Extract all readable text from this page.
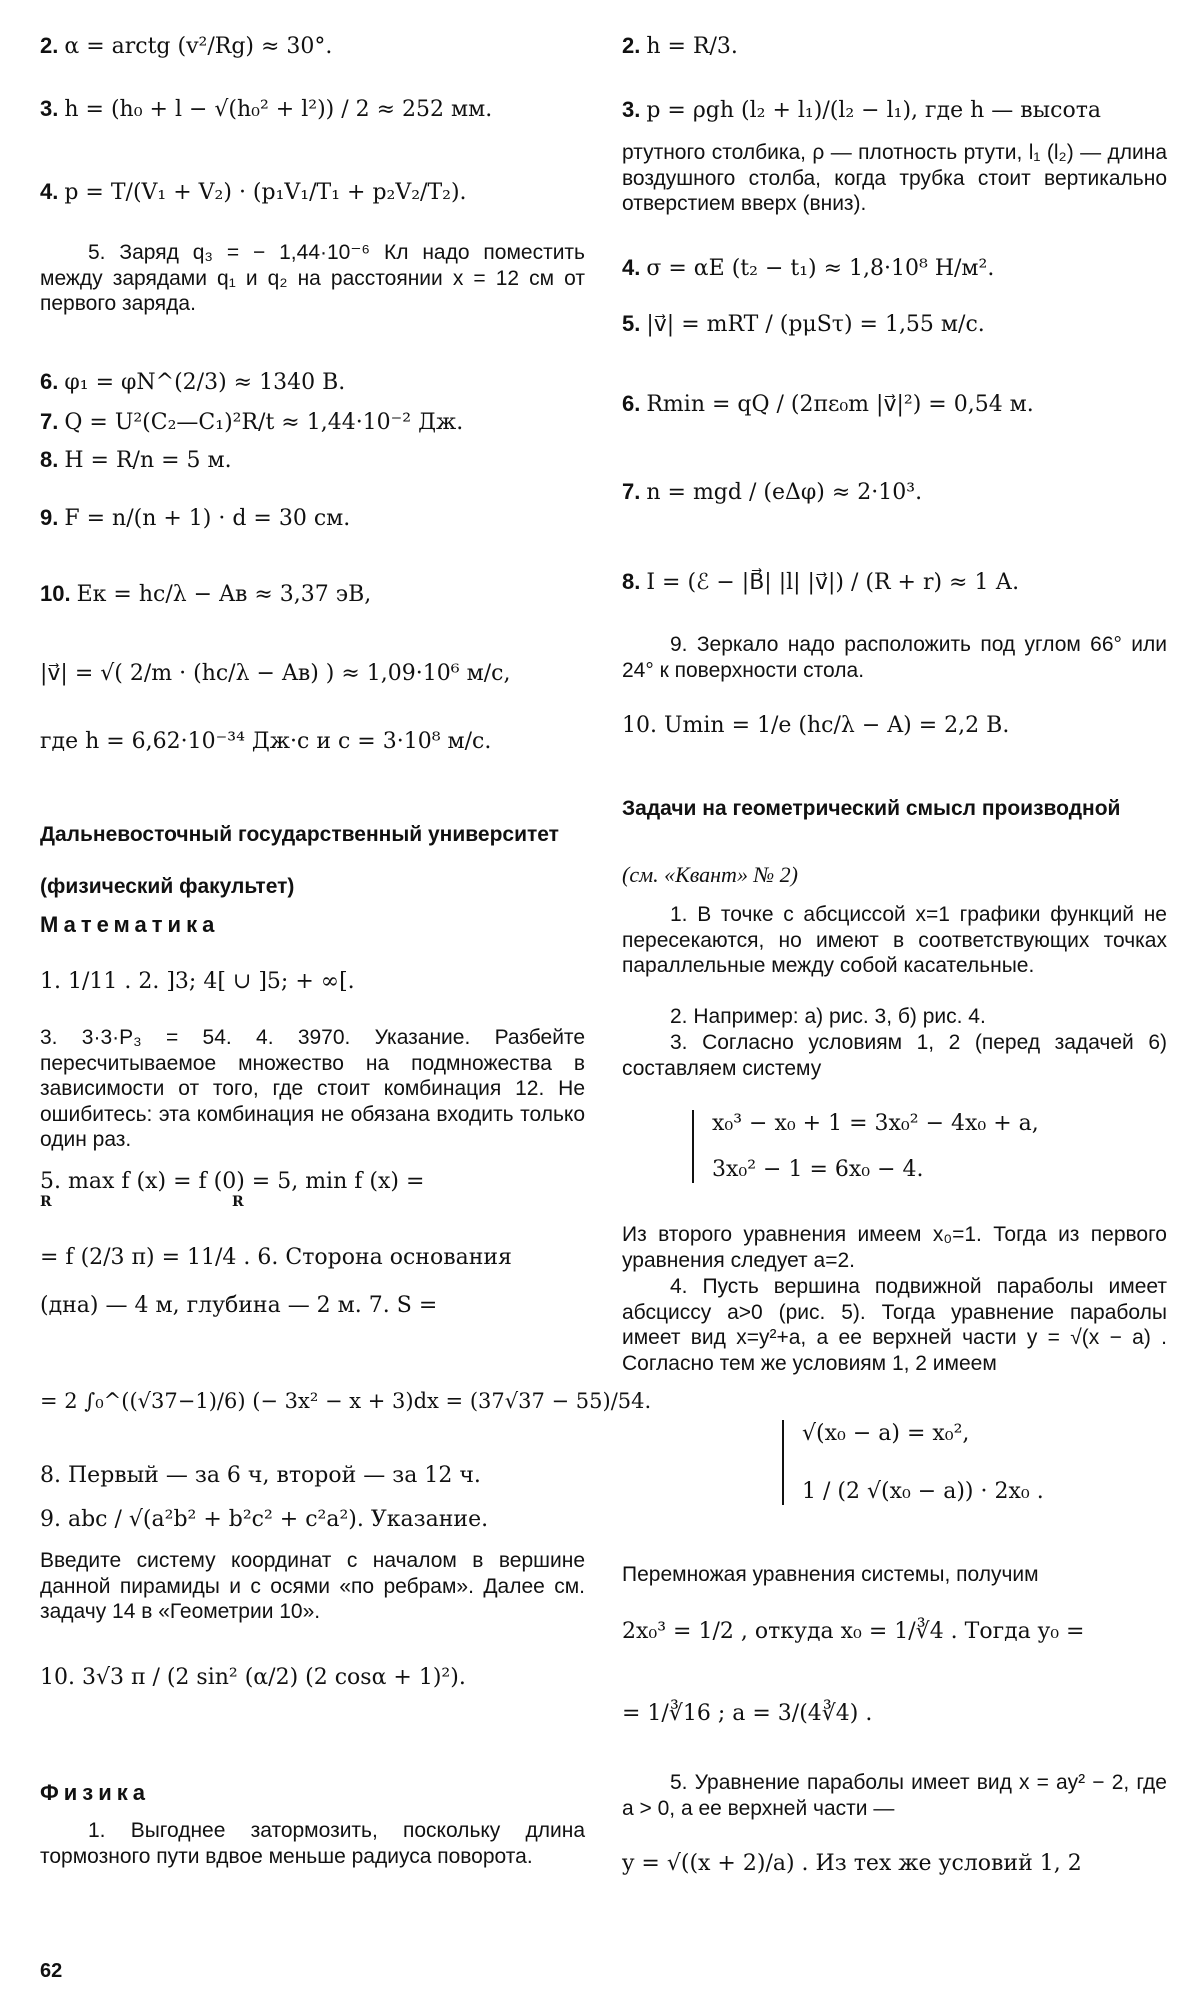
2. α = arctg (v²/Rg) ≈ 30°.
3. h = (h₀ + l − √(h₀² + l²)) / 2 ≈ 252 мм.
4. p = T/(V₁ + V₂) · (p₁V₁/T₁ + p₂V₂/T₂).
5. Заряд q₃ = − 1,44·10⁻⁶ Кл надо поместить между зарядами q₁ и q₂ на расстоянии x = 12 см от первого заряда.
6. φ₁ = φN^(2/3) ≈ 1340 В.
7. Q = U²(C₂—C₁)²R/t ≈ 1,44·10⁻² Дж.
8. H = R/n = 5 м.
9. F = n/(n + 1) · d = 30 см.
10. Eк = hc/λ − Aв ≈ 3,37 эВ,
|v⃗| = √( 2/m · (hc/λ − Aв) ) ≈ 1,09·10⁶ м/с,
где h = 6,62·10⁻³⁴ Дж·с и c = 3·10⁸ м/с.
Дальневосточный государственный университет
(физический факультет)
Математика
1. 1/11 . 2. ]3; 4[ ∪ ]5; + ∞[.
3. 3·3·P₃ = 54. 4. 3970. Указание. Разбейте пересчитываемое множество на подмножества в зависимости от того, где стоит комбинация 12. Не ошибитесь: эта комбинация не обязана входить только один раз.
5. max f (x) = f (0) = 5, min f (x) =
R                                     R
= f (2/3 π) = 11/4 . 6. Сторона основания
(дна) — 4 м, глубина — 2 м. 7. S =
= 2 ∫₀^((√37−1)/6) (− 3x² − x + 3)dx = (37√37 − 55)/54.
8. Первый — за 6 ч, второй — за 12 ч.
9. abc / √(a²b² + b²c² + c²a²). Указание.
Введите систему координат с началом в вершине данной пирамиды и с осями «по ребрам». Далее см. задачу 14 в «Геометрии 10».
10. 3√3 π / (2 sin² (α/2) (2 cosα + 1)²).
Физика
1. Выгоднее затормозить, поскольку длина тормозного пути вдвое меньше радиуса поворота.
2. h = R/3.
3. p = ρgh (l₂ + l₁)/(l₂ − l₁), где h — высота
ртутного столбика, ρ — плотность ртути, l₁ (l₂) — длина воздушного столба, когда трубка стоит вертикально отверстием вверх (вниз).
4. σ = αE (t₂ − t₁) ≈ 1,8·10⁸ Н/м².
5. |v⃗| = mRT / (pμSτ) = 1,55 м/с.
6. Rmin = qQ / (2πε₀m |v⃗|²) = 0,54 м.
7. n = mgd / (eΔφ) ≈ 2·10³.
8. I = (ℰ − |B⃗| |l| |v⃗|) / (R + r) ≈ 1 А.
9. Зеркало надо расположить под углом 66° или 24° к поверхности стола.
10. Umin = 1/e (hc/λ − A) = 2,2 В.
Задачи на геометрический смысл производной
(см. «Квант» № 2)
1. В точке с абсциссой x=1 графики функций не пересекаются, но имеют в соответствующих точках параллельные между собой касательные.
2. Например: а) рис. 3, б) рис. 4.
3. Согласно условиям 1, 2 (перед задачей 6) составляем систему
x₀³ − x₀ + 1 = 3x₀² − 4x₀ + a,
3x₀² − 1 = 6x₀ − 4.
Из второго уравнения имеем x₀=1. Тогда из первого уравнения следует a=2.
4. Пусть вершина подвижной параболы имеет абсциссу a>0 (рис. 5). Тогда уравнение параболы имеет вид x=y²+a, а ее верхней части y = √(x − a) . Согласно тем же условиям 1, 2 имеем
√(x₀ − a) = x₀²,
1 / (2 √(x₀ − a)) · 2x₀ .
Перемножая уравнения системы, получим
2x₀³ = 1/2 , откуда x₀ = 1/∛4 . Тогда y₀ =
= 1/∛16 ; a = 3/(4∛4) .
5. Уравнение параболы имеет вид x = ay² − 2, где a > 0, а ее верхней части —
y = √((x + 2)/a) . Из тех же условий 1, 2
62
